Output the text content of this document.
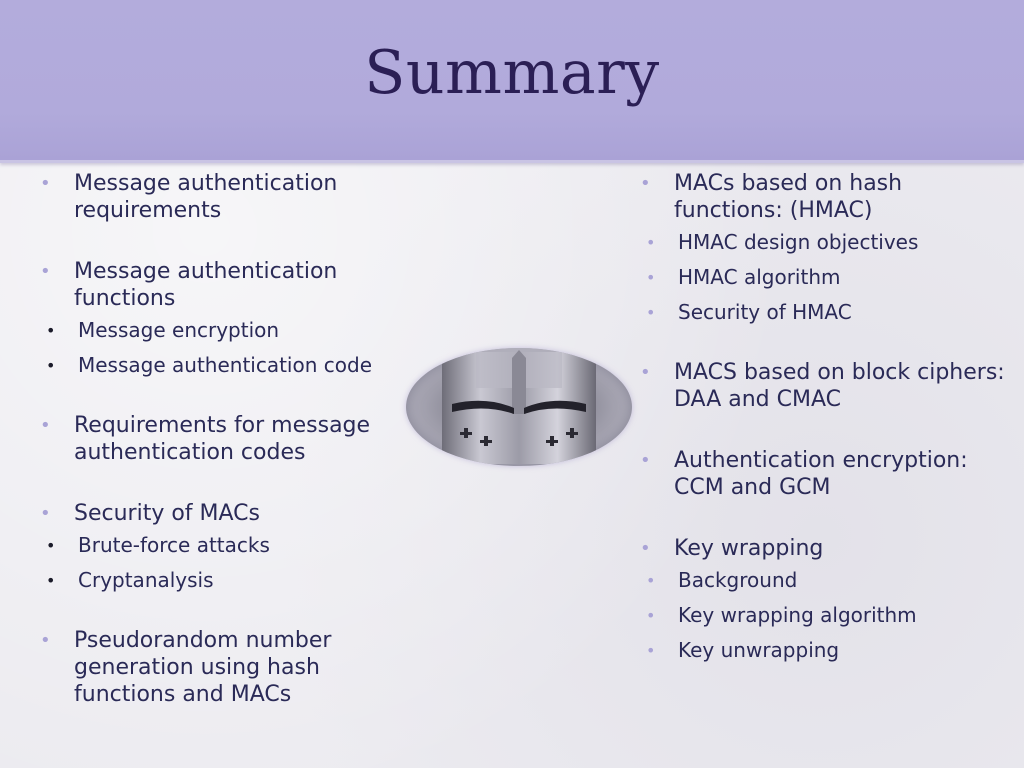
Summary
• Message authentication requirements
• Message authentication functions
• Message encryption
• Message authentication code
• Requirements for message authentication codes
• Security of MACs
• Brute-force attacks
• Cryptanalysis
• Pseudorandom number generation using hash functions and MACs
• MACs based on hash functions: (HMAC)
• HMAC design objectives
• HMAC algorithm
• Security of HMAC
• MACS based on block ciphers: DAA and CMAC
• Authentication encryption: CCM and GCM
• Key wrapping
• Background
• Key wrapping algorithm
• Key unwrapping
